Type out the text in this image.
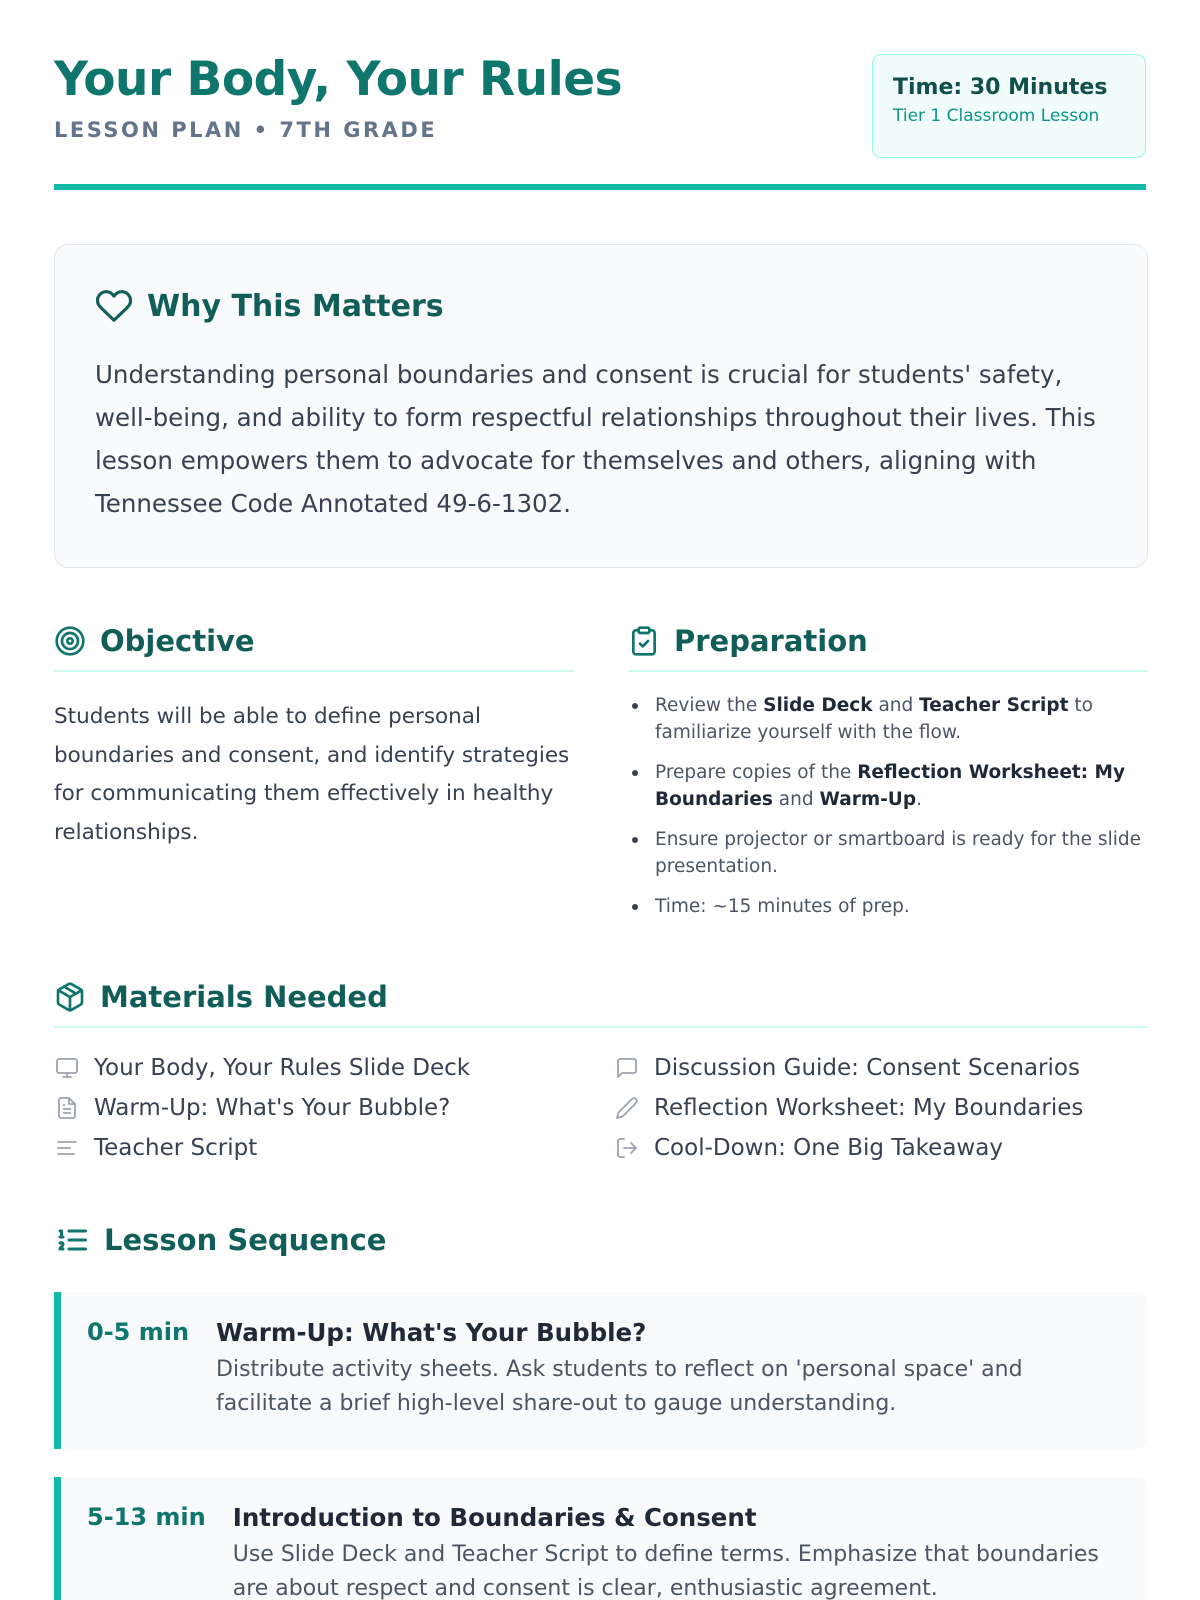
Your Body, Your Rules
LESSON PLAN • 7TH GRADE
Time: 30 Minutes
Tier 1 Classroom Lesson
Why This Matters

Understanding personal boundaries and consent is crucial for students' safety, well-being, and ability to form respectful relationships throughout their lives. This lesson empowers them to advocate for themselves and others, aligning with Tennessee Code Annotated 49-6-1302.

Objective

Students will be able to define personal boundaries and consent, and identify strategies for communicating them effectively in healthy relationships.

Preparation
Review the Slide Deck and Teacher Script to familiarize yourself with the flow.
Prepare copies of the Reflection Worksheet: My Boundaries and Warm-Up.
Ensure projector or smartboard is ready for the slide presentation.
Time: ~15 minutes of prep.
Materials Needed
Your Body, Your Rules Slide Deck	Discussion Guide: Consent Scenarios
Warm-Up: What's Your Bubble?	Reflection Worksheet: My Boundaries
Teacher Script	Cool-Down: One Big Takeaway
Lesson Sequence
0-5 min Warm-Up: What's Your Bubble?
Distribute activity sheets. Ask students to reflect on 'personal space' and facilitate a brief high-level share-out to gauge understanding.
5-13 min Introduction to Boundaries & Consent
Use Slide Deck and Teacher Script to define terms. Emphasize that boundaries are about respect and consent is clear, enthusiastic agreement.
